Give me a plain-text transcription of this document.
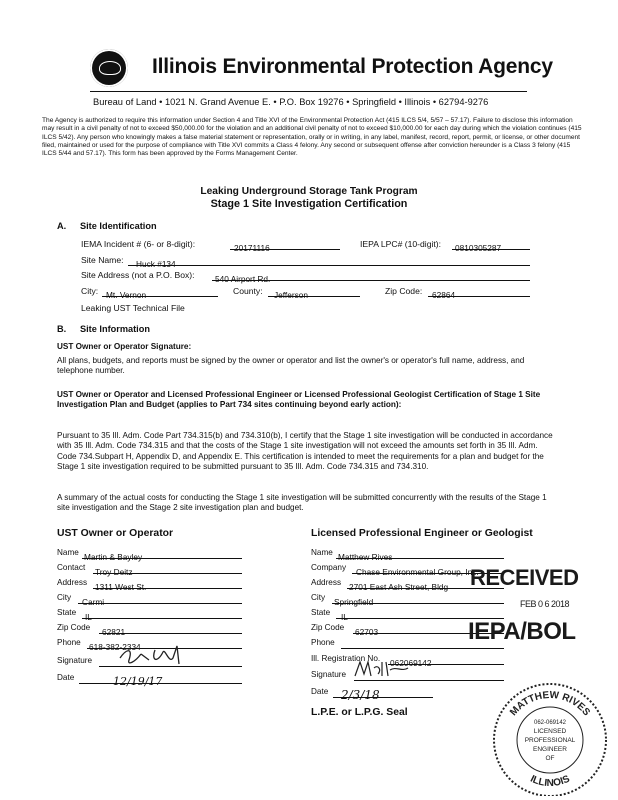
Illinois Environmental Protection Agency
Bureau of Land • 1021 N. Grand Avenue E. • P.O. Box 19276 • Springfield • Illinois • 62794-9276
The Agency is authorized to require this information under Section 4 and Title XVI of the Environmental Protection Act (415 ILCS 5/4, 5/57 – 57.17). Failure to disclose this information may result in a civil penalty of not to exceed $50,000.00 for the violation and an additional civil penalty of not to exceed $10,000.00 for each day during which the violation continues (415 ILCS 5/42). Any person who knowingly makes a false material statement or representation, orally or in writing, in any label, manifest, record, report, permit, or license, or other document filed, maintained or used for the purpose of compliance with Title XVI commits a Class 4 felony. Any second or subsequent offense after conviction hereunder is a Class 3 felony (415 ILCS 5/44 and 57.17). This form has been approved by the Forms Management Center.
Leaking Underground Storage Tank Program
Stage 1 Site Investigation Certification
A. Site Identification
IEMA Incident # (6- or 8-digit):	20171116	IEPA LPC# (10-digit):	0810305287
Site Name:	Huck #134
Site Address (not a P.O. Box):	540 Airport Rd.
City: Mt. Vernon	County:	Jefferson	Zip Code:	62864
Leaking UST Technical File
B. Site Information
UST Owner or Operator Signature:
All plans, budgets, and reports must be signed by the owner or operator and list the owner's or operator's full name, address, and telephone number.
UST Owner or Operator and Licensed Professional Engineer or Licensed Professional Geologist Certification of Stage 1 Site Investigation Plan and Budget (applies to Part 734 sites continuing beyond early action):
Pursuant to 35 Ill. Adm. Code Part 734.315(b) and 734.310(b), I certify that the Stage 1 site investigation will be conducted in accordance with 35 Ill. Adm. Code 734.315 and that the costs of the Stage 1 site investigation will not exceed the amounts set forth in 35 Ill. Adm. Code 734.Subpart H, Appendix D, and Appendix E. This certification is intended to meet the requirements for a plan and budget for the Stage 1 site investigation required to be submitted pursuant to 35 Ill. Adm. Code 734.315 and 734.310.
A summary of the actual costs for conducting the Stage 1 site investigation will be submitted concurrently with the results of the Stage 1 site investigation and the Stage 2 site investigation plan and budget.
UST Owner or Operator
Name Martin & Bayley
Contact Troy Deitz
Address 1311 West St.
City	Carmi
State	IL
Zip Code	62821
Phone 618-382-2334
Signature
Date	12/19/17
Licensed Professional Engineer or Geologist
Name Matthew Rives
Company	Chase Environmental Group, Inc.
Address 2701 East Ash Street, Bldg
City Springfield
State	IL
Zip Code 62703
Phone
Ill. Registration No. 062069142
Signature
Date	2/3/18
L.P.E. or L.P.G. Seal
RECEIVED
FEB 0 6 2018
IEPA/BOL
MATTHEW RIVES
ILLINOIS
062-069142
LICENSED
PROFESSIONAL
ENGINEER
OF
